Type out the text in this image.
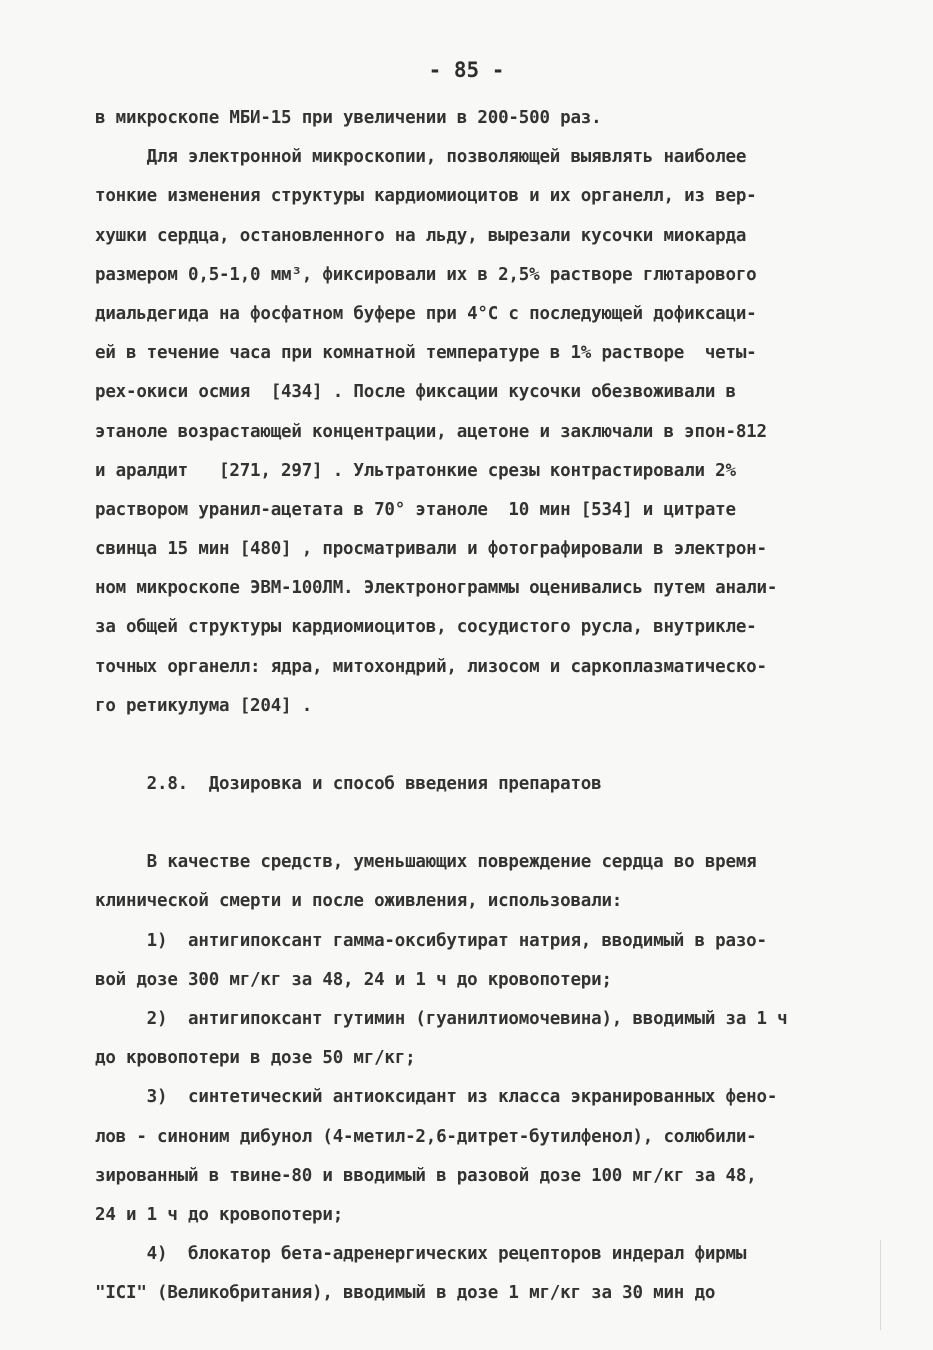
- 85 -
в микроскопе МБИ-15 при увеличении в 200-500 раз.
Для электронной микроскопии, позволяющей выявлять наиболее
тонкие изменения структуры кардиомиоцитов и их органелл, из вер-
хушки сердца, остановленного на льду, вырезали кусочки миокарда
размером 0,5-1,0 мм³, фиксировали их в 2,5% растворе глютарового
диальдегида на фосфатном буфере при 4°С с последующей дофиксаци-
ей в течение часа при комнатной температуре в 1% растворе  четы-
рех-окиси осмия  [434] . После фиксации кусочки обезвоживали в
этаноле возрастающей концентрации, ацетоне и заключали в эпон-812
и аралдит   [271, 297] . Ультратонкие срезы контрастировали 2%
раствором уранил-ацетата в 70° этаноле  10 мин [534] и цитрате
свинца 15 мин [480] , просматривали и фотографировали в электрон-
ном микроскопе ЭВМ-100ЛМ. Электронограммы оценивались путем анали-
за общей структуры кардиомиоцитов, сосудистого русла, внутрикле-
точных органелл: ядра, митохондрий, лизосом и саркоплазматическо-
го ретикулума [204] .
2.8.  Дозировка и способ введения препаратов
В качестве средств, уменьшающих повреждение сердца во время
клинической смерти и после оживления, использовали:
1)  антигипоксант гамма-оксибутират натрия, вводимый в разо-
вой дозе 300 мг/кг за 48, 24 и 1 ч до кровопотери;
2)  антигипоксант гутимин (гуанилтиомочевина), вводимый за 1 ч
до кровопотери в дозе 50 мг/кг;
3)  синтетический антиоксидант из класса экранированных фено-
лов - синоним дибунол (4-метил-2,6-дитрет-бутилфенол), солюбили-
зированный в твине-80 и вводимый в разовой дозе 100 мг/кг за 48,
24 и 1 ч до кровопотери;
4)  блокатор бета-адренергических рецепторов индерал фирмы
"ICI" (Великобритания), вводимый в дозе 1 мг/кг за 30 мин до
